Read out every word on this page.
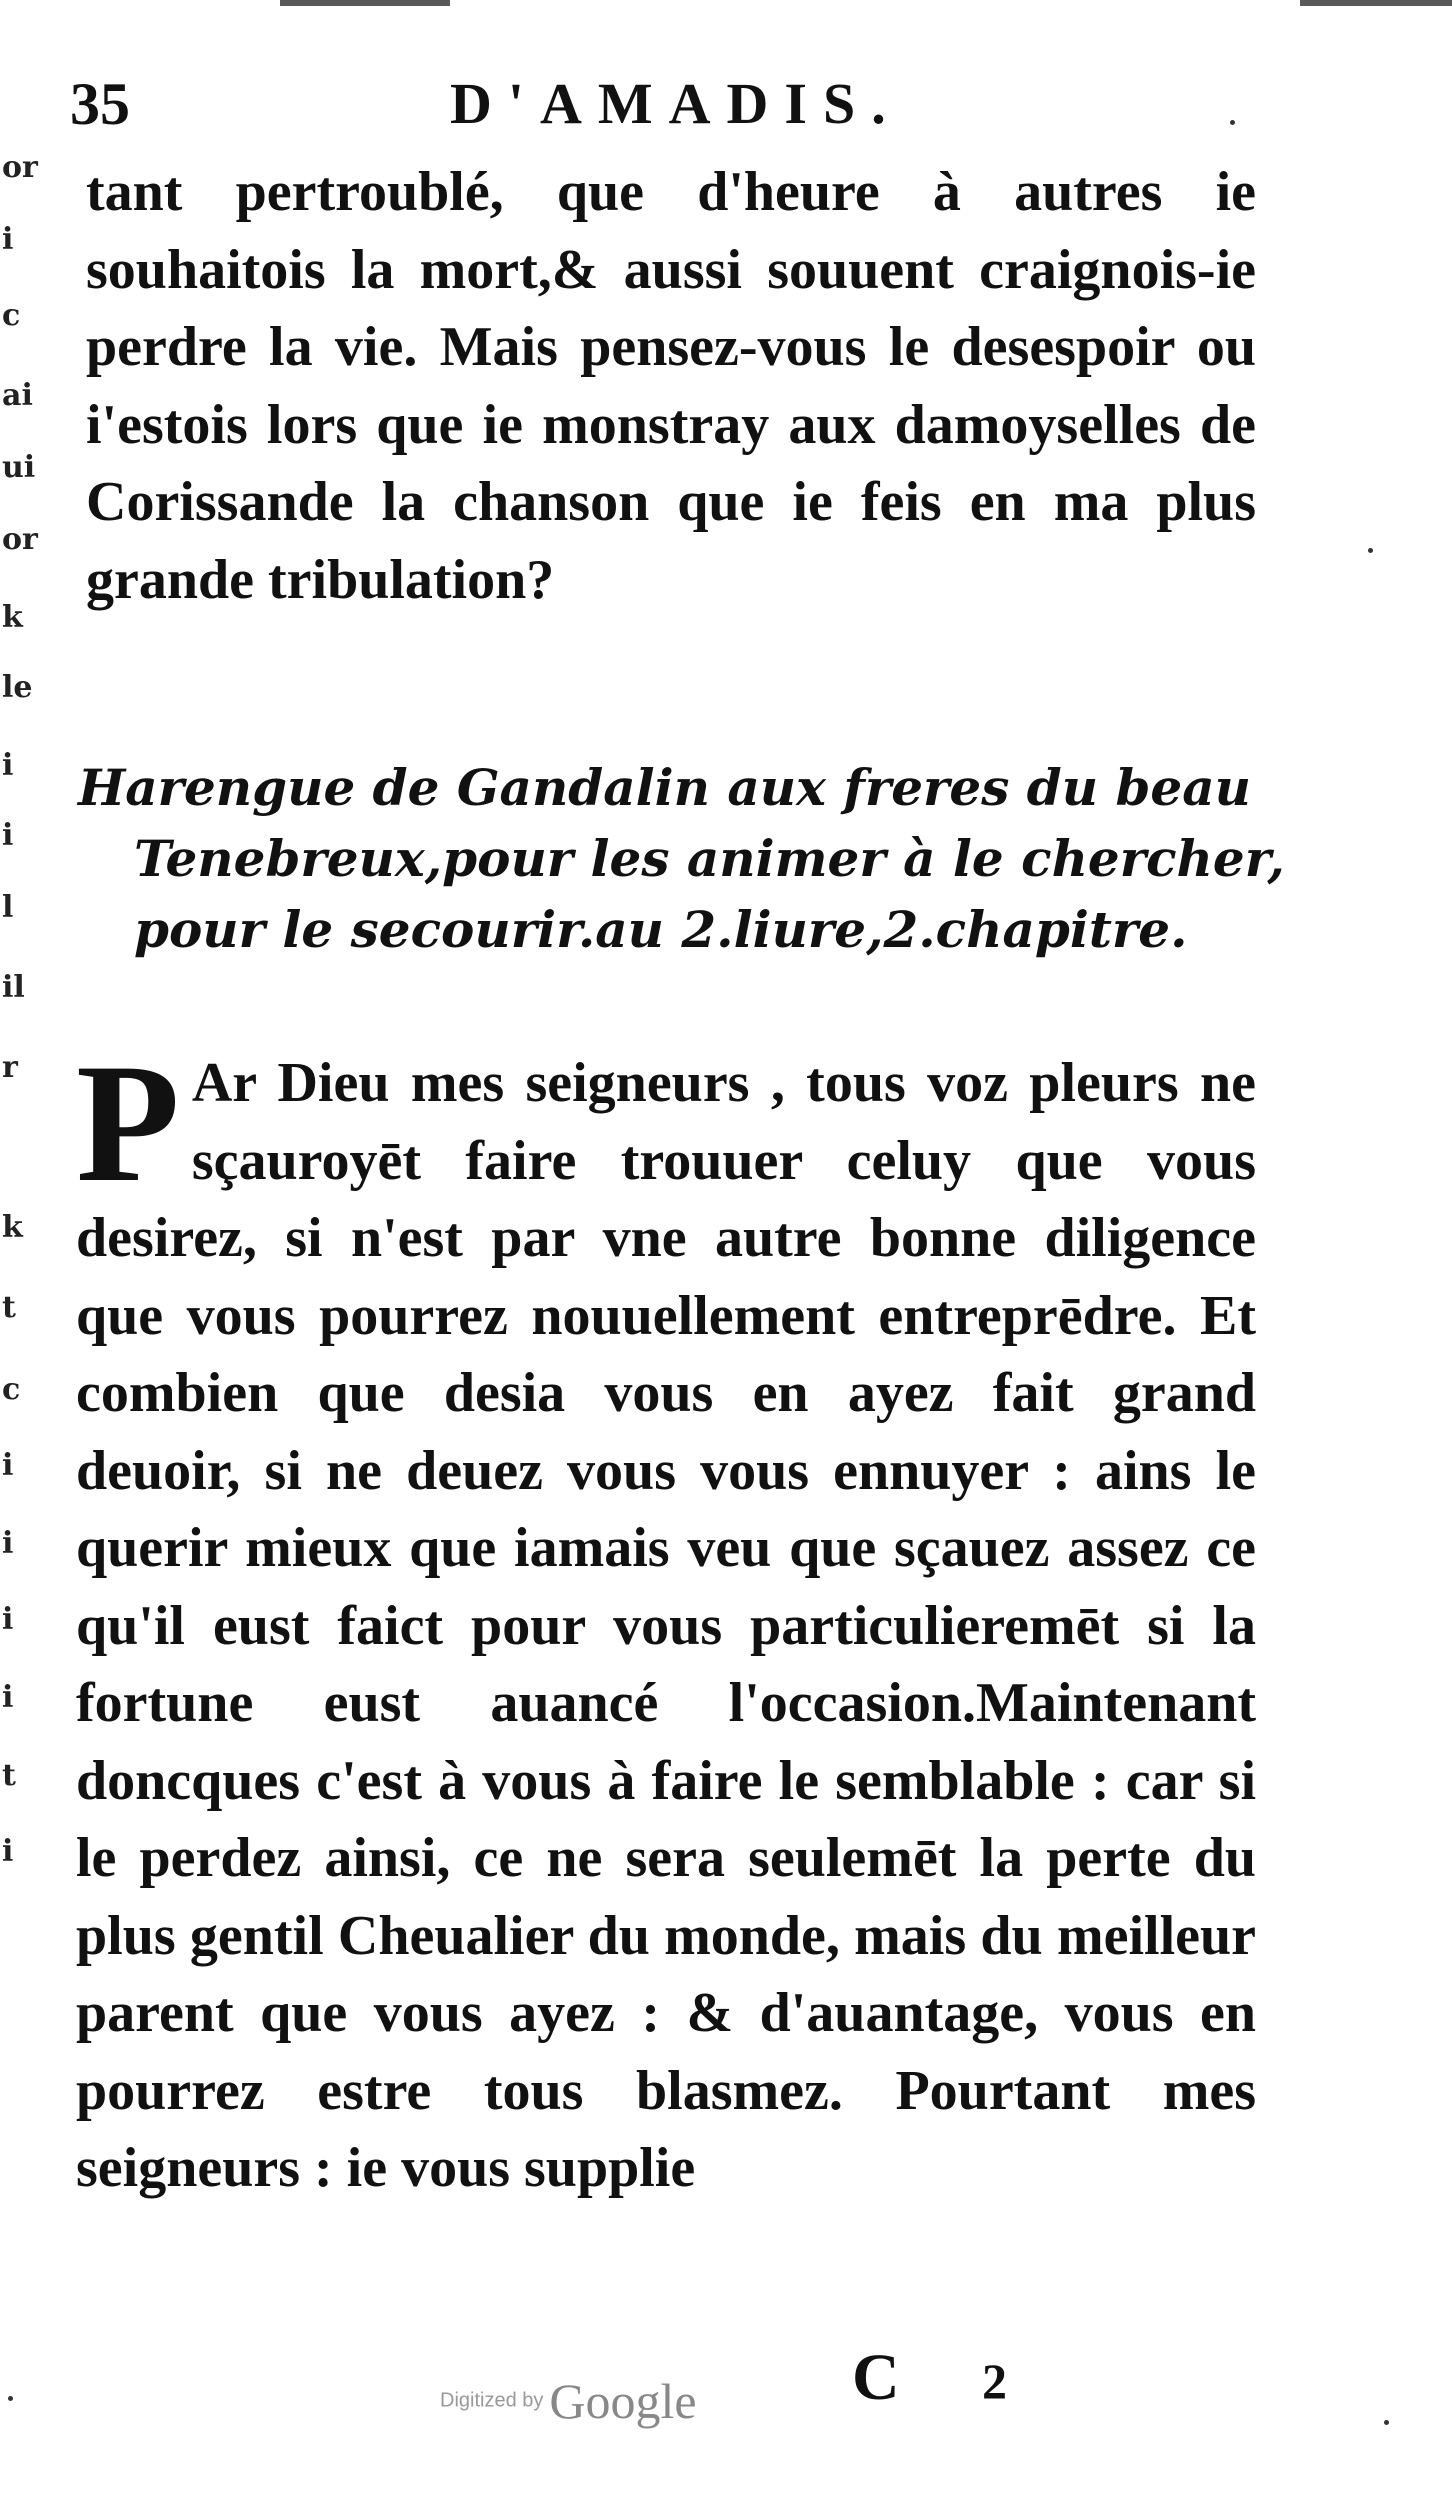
or
i
c
ai
ui
or
k
le
i
i
l
il
r
k
t
c
i
i
i
i
t
i
35	D'AMADIS.

tant pertroublé, que d'heure à autres ie souhaitois la mort,& aussi souuent craignois-ie perdre la vie. Mais pensez-vous le desespoir ou i'estois lors que ie monstray aux damoyselles de Corissande la chanson que ie feis en ma plus grande tribulation?

Harengue de Gandalin aux freres du beau Tenebreux,pour les animer à le chercher, pour le secourir.au 2.liure,2.chapitre.

P Ar Dieu mes seigneurs , tous voz pleurs ne sçauroyēt faire trouuer celuy que vous desirez, si n'est par vne autre bonne diligence que vous pourrez nouuellement entreprēdre. Et combien que desia vous en ayez fait grand deuoir, si ne deuez vous vous ennuyer : ains le querir mieux que iamais veu que sçauez assez ce qu'il eust faict pour vous particulieremēt si la fortune eust auancé l'occasion.Maintenant doncques c'est à vous à faire le semblable : car si le perdez ainsi, ce ne sera seulemēt la perte du plus gentil Cheualier du monde, mais du meilleur parent que vous ayez : & d'auantage, vous en pourrez estre tous blasmez. Pourtant mes seigneurs : ie vous supplie

Digitized by Google C 2
